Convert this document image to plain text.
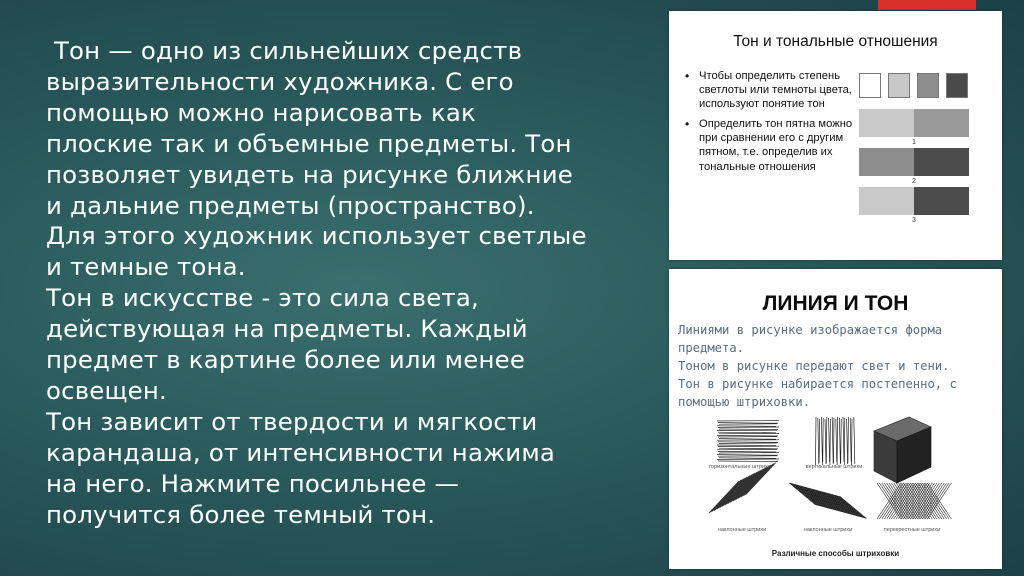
Тон — одно из сильнейших средств
выразительности художника. С его
помощью можно нарисовать как
плоские так и объемные предметы. Тон
позволяет увидеть на рисунке ближние
и дальние предметы (пространство).
Для этого художник использует светлые
и темные тона.
Тон в искусстве - это сила света,
действующая на предметы. Каждый
предмет в картине более или менее
освещен.
Тон зависит от твердости и мягкости
карандаша, от интенсивности нажима
на него. Нажмите посильнее —
получится более темный тон.

Тон и тональные отношения
• Чтобы определить степень светлоты или темноты цвета, используют понятие тон
• Определить тон пятна можно при сравнении его с другим пятном, т.е. определив их тональные отношения
1
2
3
ЛИНИЯ И ТОН
Линиями в рисунке изображается форма
предмета.
Тоном в рисунке передают свет и тени.
Тон в рисунке набирается постепенно, с
помощью штриховки.
горизонтальные штрихи	вертикальные штрихи
наклонные штрихи	наклонные штрихи	перекрестные штрихи
Различные способы штриховки
